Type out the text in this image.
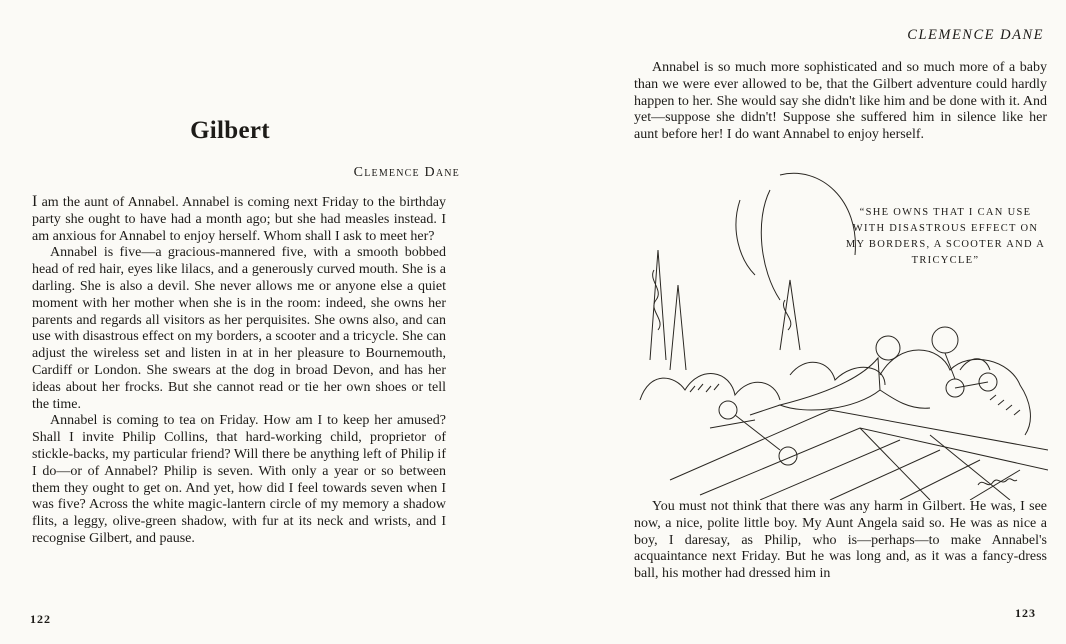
Gilbert
Clemence Dane

I am the aunt of Annabel. Annabel is coming next Friday to the birthday party she ought to have had a month ago; but she had measles instead. I am anxious for Annabel to enjoy herself. Whom shall I ask to meet her?

Annabel is five—a gracious-mannered five, with a smooth bobbed head of red hair, eyes like lilacs, and a generously curved mouth. She is a darling. She is also a devil. She never allows me or anyone else a quiet moment with her mother when she is in the room: indeed, she owns her parents and regards all visitors as her perquisites. She owns also, and can use with disastrous effect on my borders, a scooter and a tricycle. She can adjust the wireless set and listen in at in her pleasure to Bournemouth, Cardiff or London. She swears at the dog in broad Devon, and has her ideas about her frocks. But she cannot read or tie her own shoes or tell the time.

Annabel is coming to tea on Friday. How am I to keep her amused? Shall I invite Philip Collins, that hard-working child, proprietor of stickle-backs, my particular friend? Will there be anything left of Philip if I do—or of Annabel? Philip is seven. With only a year or so between them they ought to get on. And yet, how did I feel towards seven when I was five? Across the white magic-lantern circle of my memory a shadow flits, a leggy, olive-green shadow, with fur at its neck and wrists, and I recognise Gilbert, and pause.

122
CLEMENCE DANE

Annabel is so much more sophisticated and so much more of a baby than we were ever allowed to be, that the Gilbert adventure could hardly happen to her. She would say she didn't like him and be done with it. And yet—suppose she didn't! Suppose she suffered him in silence like her aunt before her! I do want Annabel to enjoy herself.

“SHE OWNS THAT I CAN USE WITH DISASTROUS EFFECT ON MY BORDERS, A SCOOTER AND A TRICYCLE”

You must not think that there was any harm in Gilbert. He was, I see now, a nice, polite little boy. My Aunt Angela said so. He was as nice a boy, I daresay, as Philip, who is—perhaps—to make Annabel's acquaintance next Friday. But he was long and, as it was a fancy-dress ball, his mother had dressed him in

123
